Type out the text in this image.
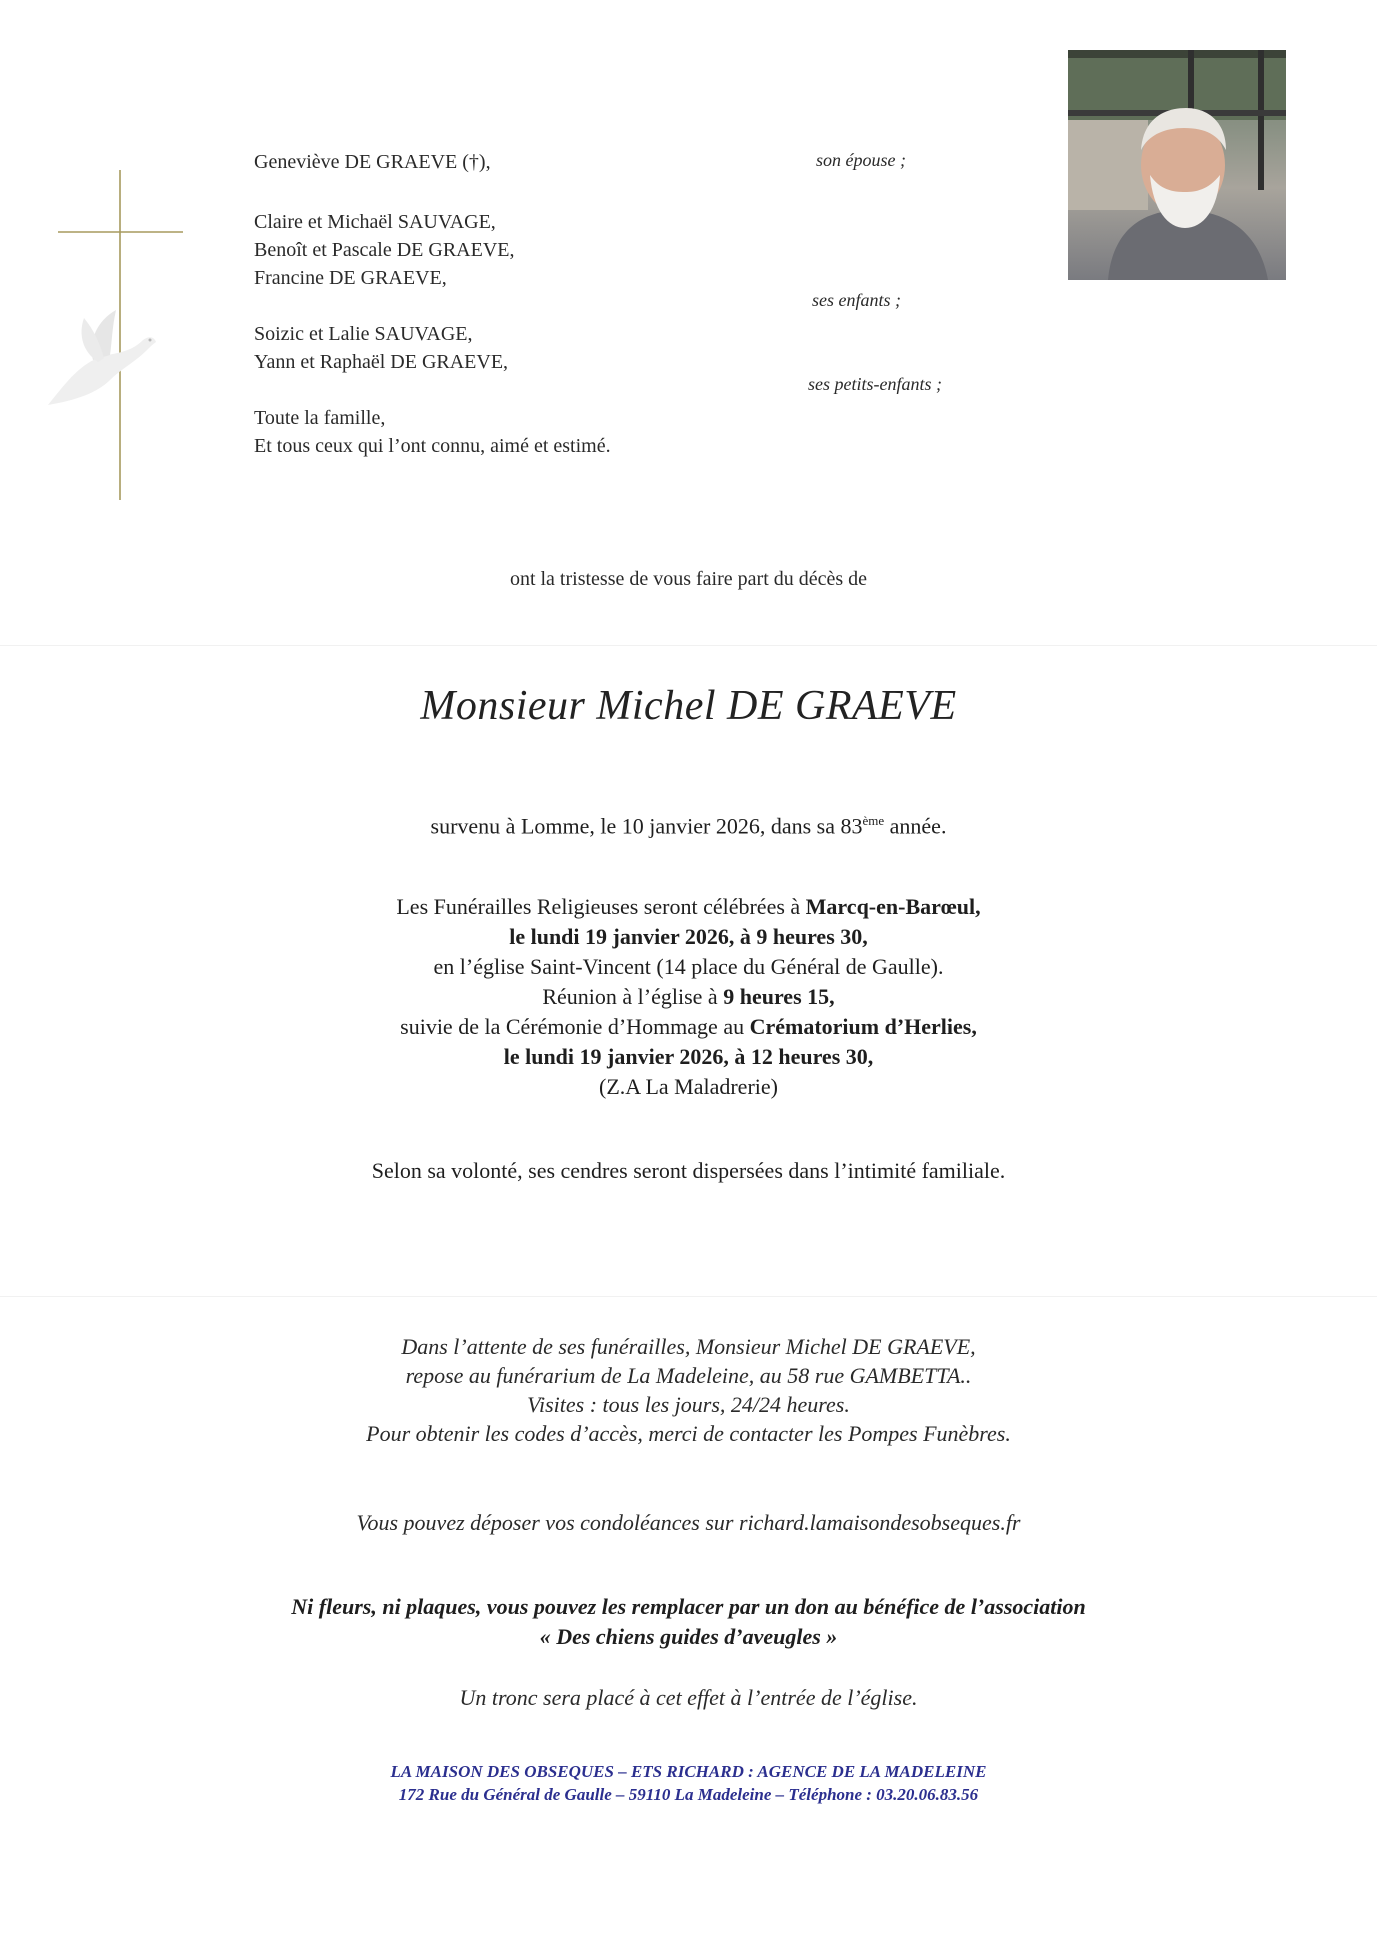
Geneviève DE GRAEVE (†),
Claire et Michaël SAUVAGE,
Benoît et Pascale DE GRAEVE,
Francine DE GRAEVE,
Soizic et Lalie SAUVAGE,
Yann et Raphaël DE GRAEVE,
Toute la famille,
Et tous ceux qui l’ont connu, aimé et estimé.
son épouse ;
ses enfants ;
ses petits-enfants ;
ont la tristesse de vous faire part du décès de
Monsieur Michel DE GRAEVE
survenu à Lomme, le 10 janvier 2026, dans sa 83ème année.
Les Funérailles Religieuses seront célébrées à Marcq-en-Barœul,
le lundi 19 janvier 2026, à 9 heures 30,
en l’église Saint-Vincent (14 place du Général de Gaulle).
Réunion à l’église à 9 heures 15,
suivie de la Cérémonie d’Hommage au Crématorium d’Herlies,
le lundi 19 janvier 2026, à 12 heures 30,
(Z.A La Maladrerie)
Selon sa volonté, ses cendres seront dispersées dans l’intimité familiale.
Dans l’attente de ses funérailles, Monsieur Michel DE GRAEVE,
repose au funérarium de La Madeleine, au 58 rue GAMBETTA..
Visites : tous les jours, 24/24 heures.
Pour obtenir les codes d’accès, merci de contacter les Pompes Funèbres.
Vous pouvez déposer vos condoléances sur richard.lamaisondesobseques.fr
Ni fleurs, ni plaques, vous pouvez les remplacer par un don au bénéfice de l’association
« Des chiens guides d’aveugles »
Un tronc sera placé à cet effet à l’entrée de l’église.
LA MAISON DES OBSEQUES – ETS RICHARD : AGENCE DE LA MADELEINE
172 Rue du Général de Gaulle – 59110 La Madeleine – Téléphone : 03.20.06.83.56
